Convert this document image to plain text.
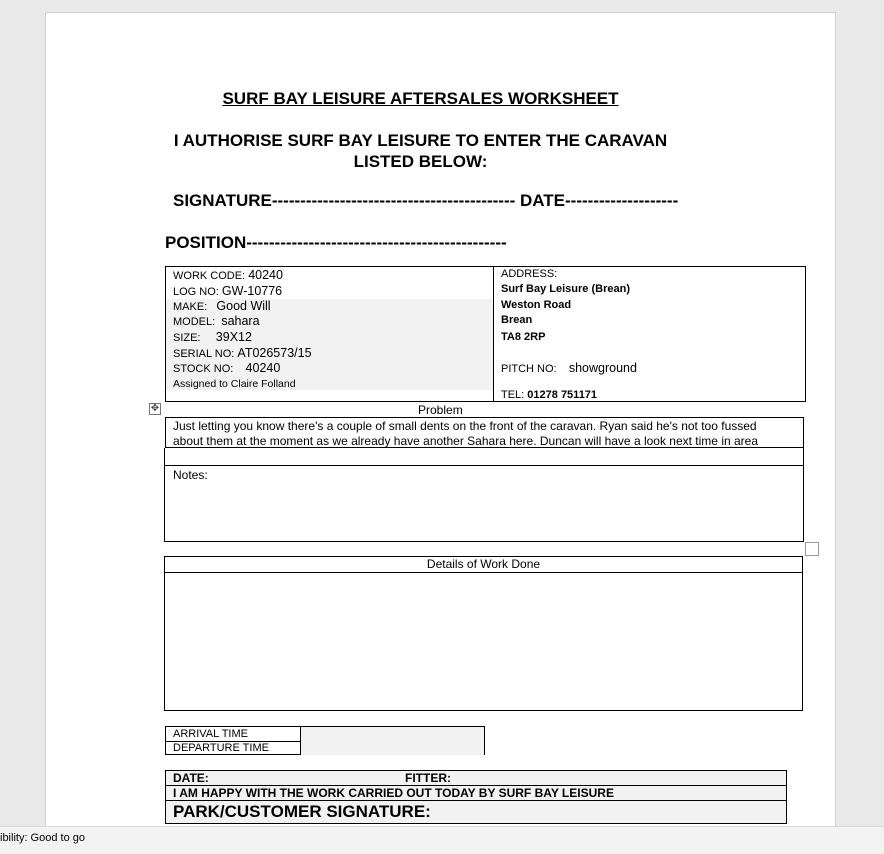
SURF BAY LEISURE AFTERSALES WORKSHEET
I AUTHORISE SURF BAY LEISURE TO ENTER THE CARAVAN
LISTED BELOW:
SIGNATURE------------------------------------------- DATE--------------------
POSITION----------------------------------------------
WORK CODE: 40240
LOG NO: GW-10776
MAKE: Good Will
MODEL: sahara
SIZE: 39X12
SERIAL NO: AT026573/15
STOCK NO: 40240
Assigned to Claire Folland
ADDRESS:
Surf Bay Leisure (Brean)
Weston Road
Brean
TA8 2RP
PITCH NO: showground
TEL: 01278 751171
✥	Problem
Just letting you know there's a couple of small dents on the front of the caravan. Ryan said he's not too fussed
about them at the moment as we already have another Sahara here. Duncan will have a look next time in area
Notes:
Details of Work Done
ARRIVAL TIME
DEPARTURE TIME
DATE:	FITTER:
I AM HAPPY WITH THE WORK CARRIED OUT TODAY BY SURF BAY LEISURE
PARK/CUSTOMER SIGNATURE:
ibility: Good to go
